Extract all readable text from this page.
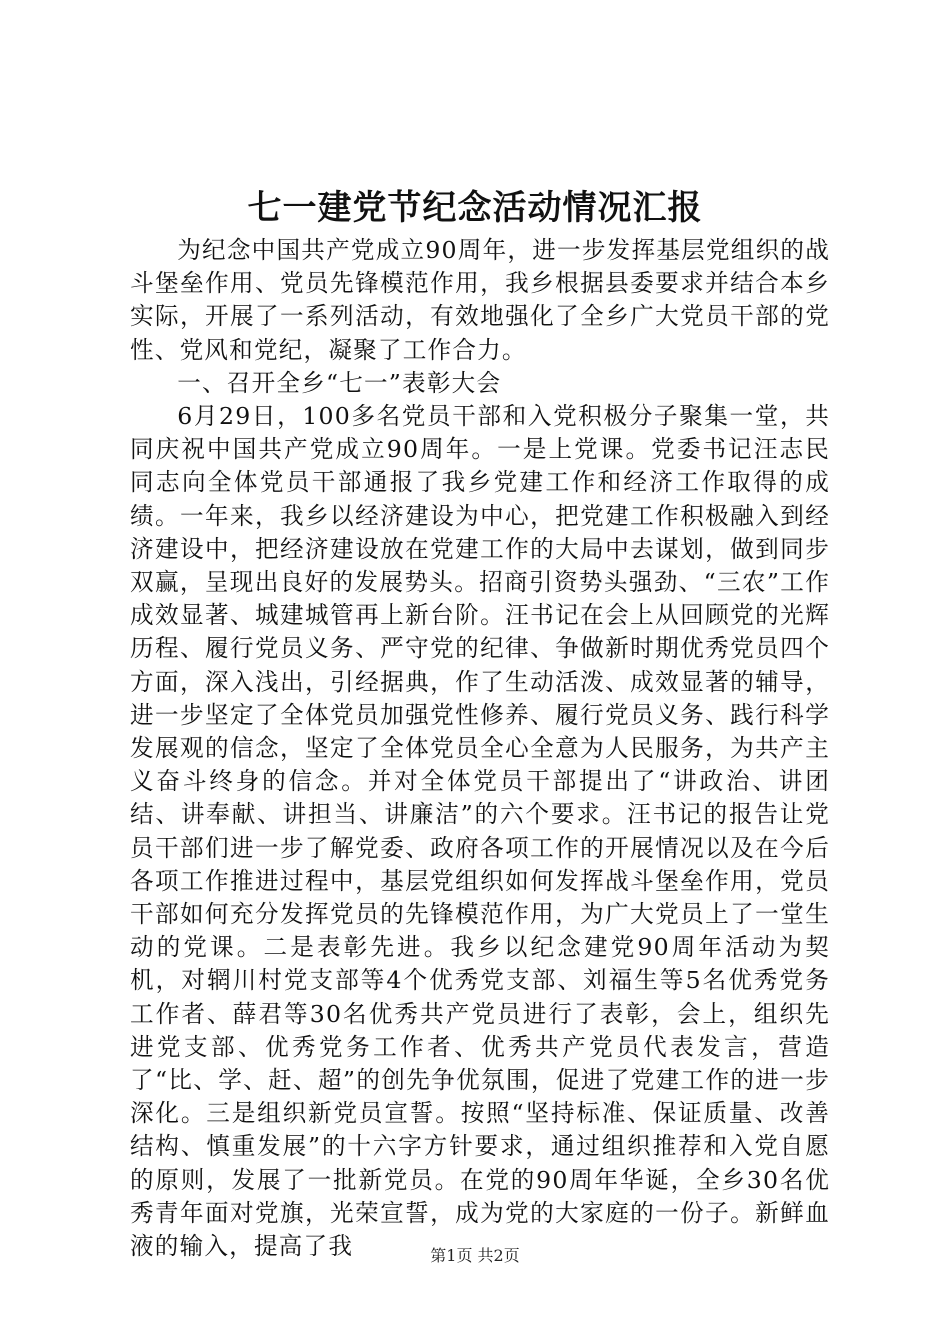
七一建党节纪念活动情况汇报

为纪念中国共产党成立90周年，进一步发挥基层党组织的战斗堡垒作用、党员先锋模范作用，我乡根据县委要求并结合本乡实际，开展了一系列活动，有效地强化了全乡广大党员干部的党性、党风和党纪，凝聚了工作合力。

一、召开全乡“七一”表彰大会

6月29日，100多名党员干部和入党积极分子聚集一堂，共同庆祝中国共产党成立90周年。一是上党课。党委书记汪志民同志向全体党员干部通报了我乡党建工作和经济工作取得的成绩。一年来，我乡以经济建设为中心，把党建工作积极融入到经济建设中，把经济建设放在党建工作的大局中去谋划，做到同步双赢，呈现出良好的发展势头。招商引资势头强劲、“三农”工作成效显著、城建城管再上新台阶。汪书记在会上从回顾党的光辉历程、履行党员义务、严守党的纪律、争做新时期优秀党员四个方面，深入浅出，引经据典，作了生动活泼、成效显著的辅导，进一步坚定了全体党员加强党性修养、履行党员义务、践行科学发展观的信念，坚定了全体党员全心全意为人民服务，为共产主义奋斗终身的信念。并对全体党员干部提出了“讲政治、讲团结、讲奉献、讲担当、讲廉洁”的六个要求。汪书记的报告让党员干部们进一步了解党委、政府各项工作的开展情况以及在今后各项工作推进过程中，基层党组织如何发挥战斗堡垒作用，党员干部如何充分发挥党员的先锋模范作用，为广大党员上了一堂生动的党课。二是表彰先进。我乡以纪念建党90周年活动为契机，对辋川村党支部等4个优秀党支部、刘福生等5名优秀党务工作者、薛君等30名优秀共产党员进行了表彰，会上，组织先进党支部、优秀党务工作者、优秀共产党员代表发言，营造了“比、学、赶、超”的创先争优氛围，促进了党建工作的进一步深化。三是组织新党员宣誓。按照“坚持标准、保证质量、改善结构、慎重发展”的十六字方针要求，通过组织推荐和入党自愿的原则，发展了一批新党员。在党的90周年华诞，全乡30名优秀青年面对党旗，光荣宣誓，成为党的大家庭的一份子。新鲜血液的输入，提高了我	第1页 共2页
